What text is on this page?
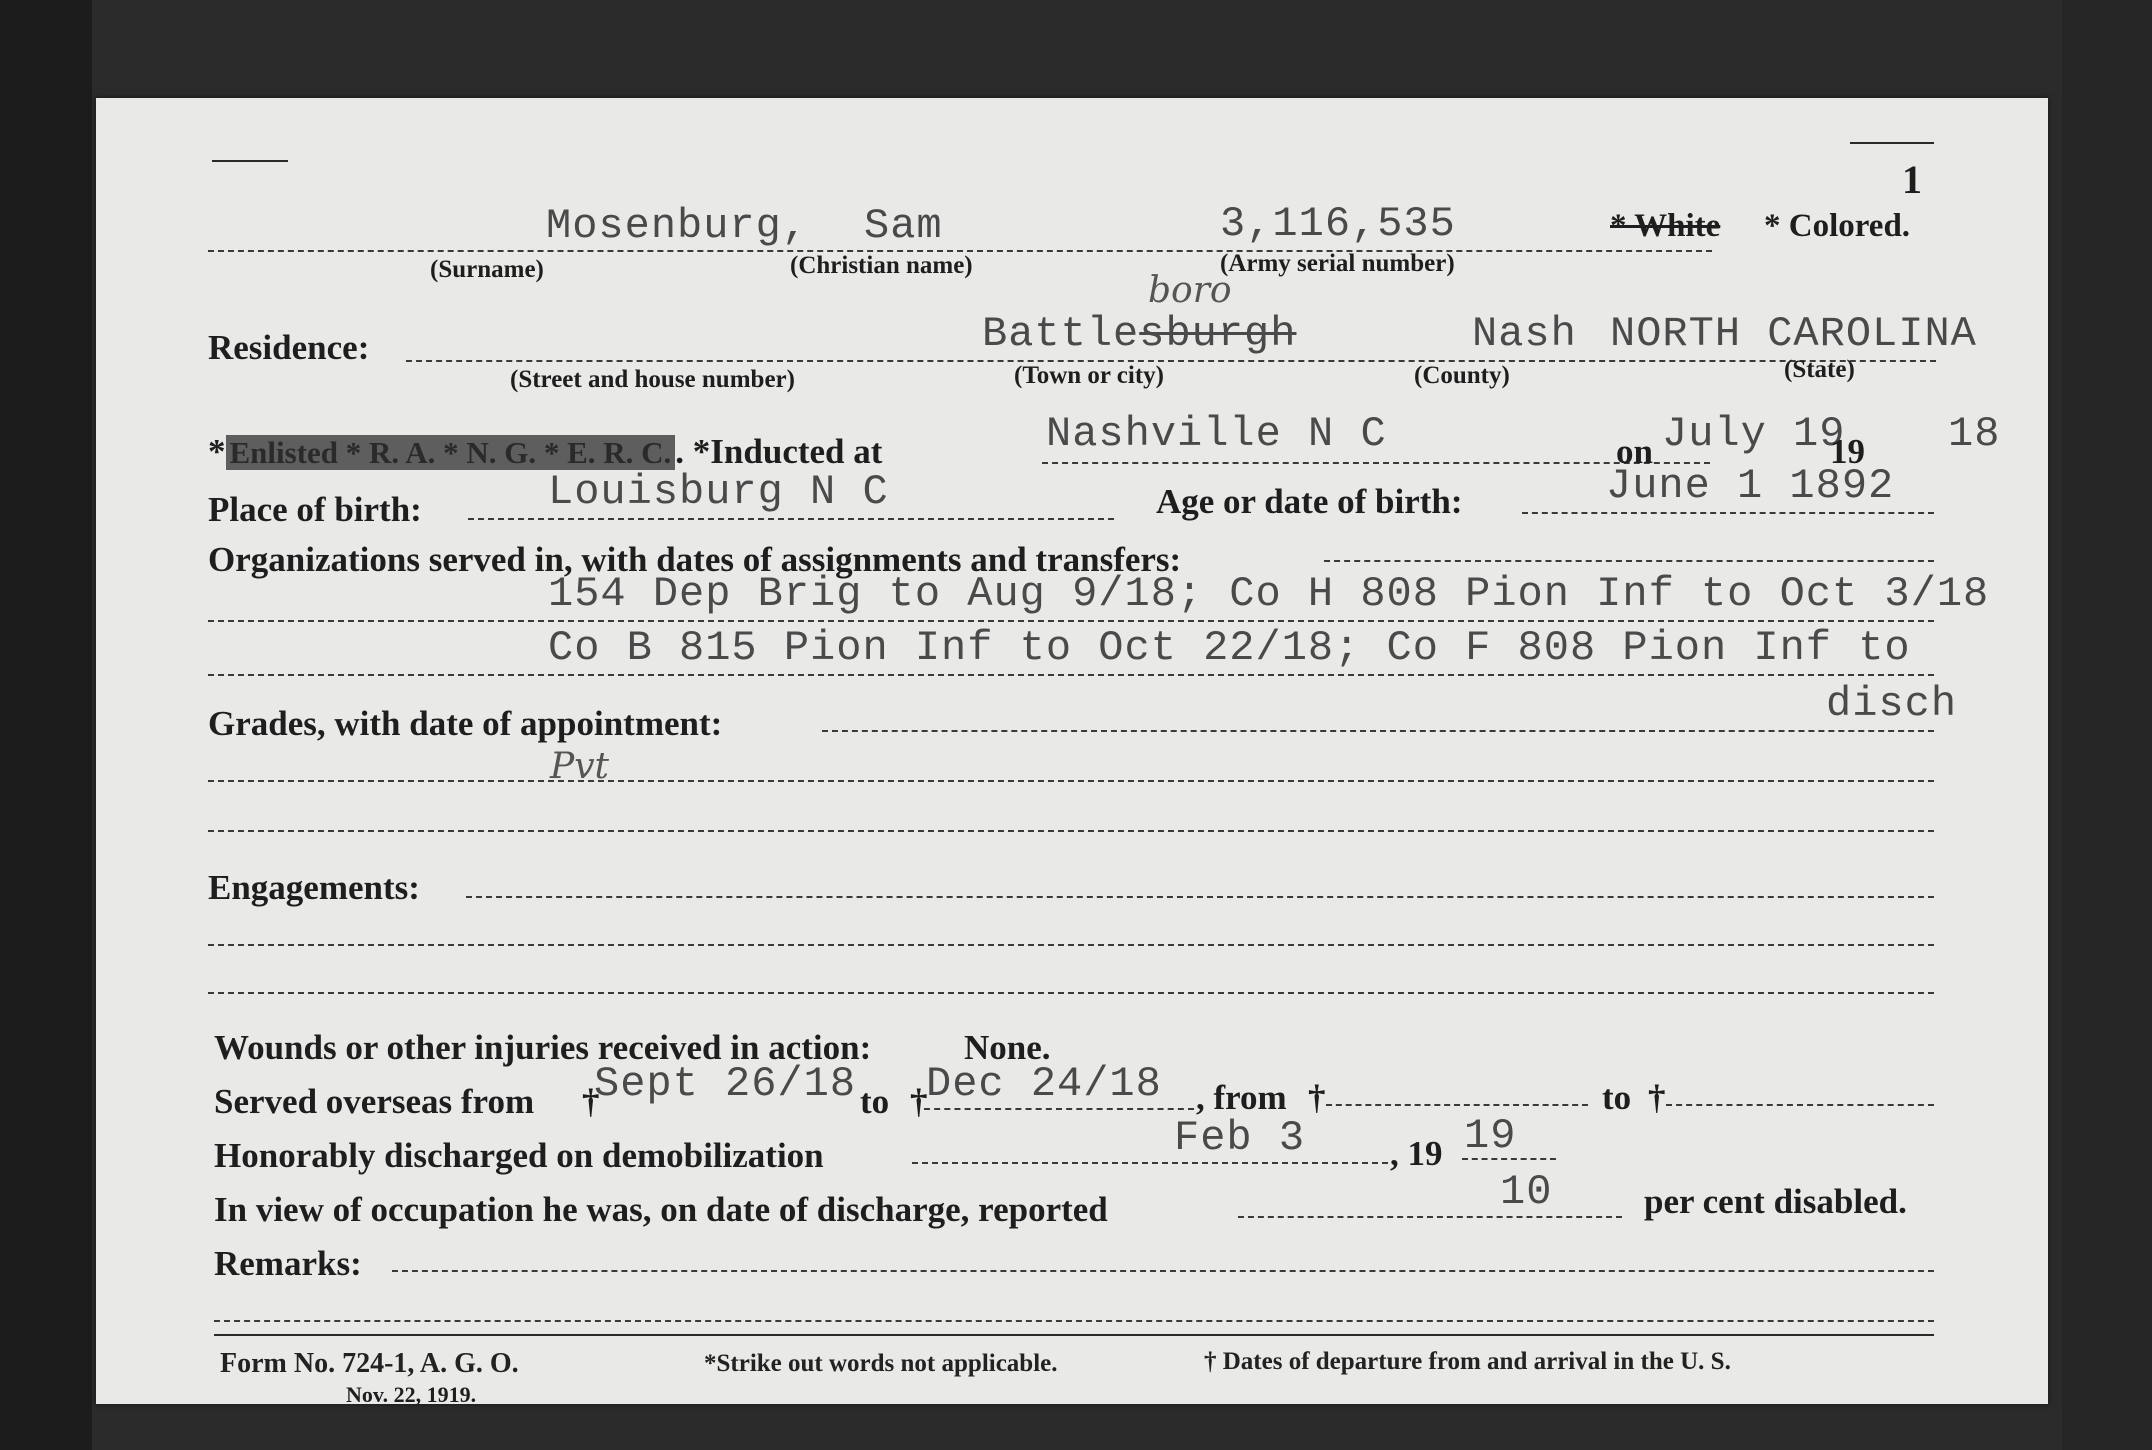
1
Mosenburg, Sam	3,116,535	* White * Colored.
(Surname)	(Christian name)	(Army serial number)
boro
Residence:	Battlesburgh	Nash NORTH CAROLINA
(Street and house number)	(Town or city)	(County)	(State)
* Enlisted * R. A. * N. G. * E. R. C. . *Inducted at	Nashville N C	on July 19
19 18
Place of birth:	Louisburg N C	Age or date of birth:	June 1 1892
Organizations served in, with dates of assignments and transfers:
154 Dep Brig to Aug 9/18; Co H 808 Pion Inf to Oct 3/18
Co B 815 Pion Inf to Oct 22/18; Co F 808 Pion Inf to
disch
Grades, with date of appointment:
Pvt
Engagements:
Wounds or other injuries received in action:	None.
Served overseas from †
Sept 26/18 to †
Dec 24/18 , from †	to †
Honorably discharged on demobilization	Feb 3 , 19 19
In view of occupation he was, on date of discharge, reported	10	per cent disabled.
Remarks:
Form No. 724-1, A. G. O.
Nov. 22, 1919.
*Strike out words not applicable.	† Dates of departure from and arrival in the U. S.
